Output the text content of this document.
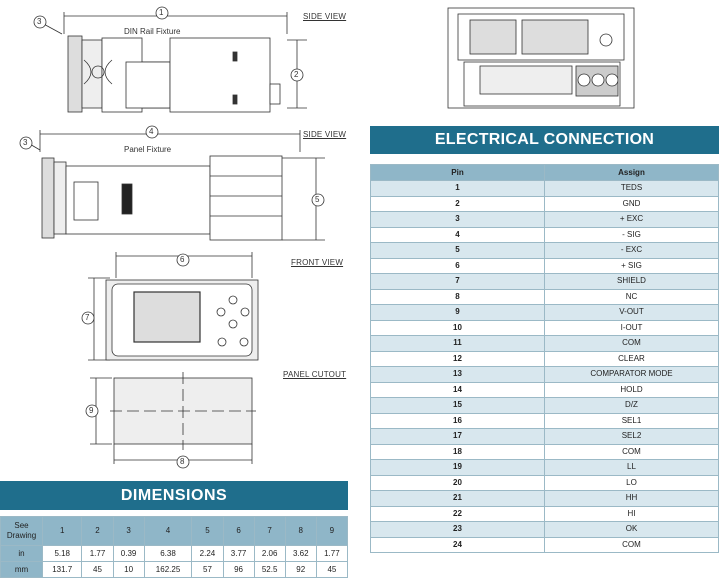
1
2
3
4
5
3
6
7
8
9
SIDE VIEW
DIN Rail Fixture
SIDE VIEW
Panel Fixture
FRONT VIEW
PANEL CUTOUT
DIMENSIONS
See Drawing	1	2	3	4	5	6	7	8	9
in	5.18	1.77	0.39	6.38	2.24	3.77	2.06	3.62	1.77
mm	131.7	45	10	162.25	57	96	52.5	92	45
ELECTRICAL CONNECTION
Pin	Assign
1	TEDS
2	GND
3	+ EXC
4	- SIG
5	- EXC
6	+ SIG
7	SHIELD
8	NC
9	V-OUT
10	I-OUT
11	COM
12	CLEAR
13	COMPARATOR MODE
14	HOLD
15	D/Z
16	SEL1
17	SEL2
18	COM
19	LL
20	LO
21	HH
22	HI
23	OK
24	COM
